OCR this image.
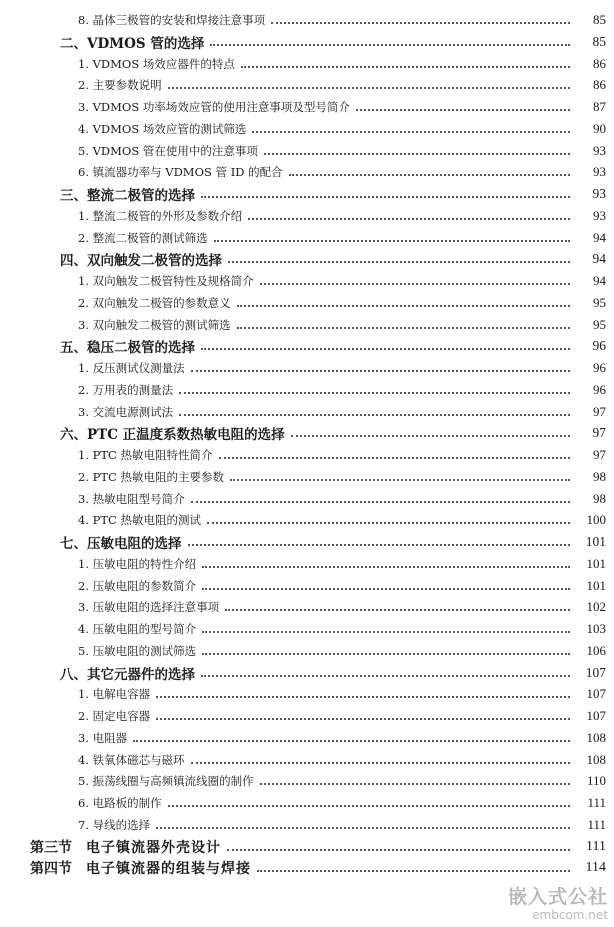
8. 晶体三极管的安装和焊接注意事项	85
二、VDMOS 管的选择	85
1. VDMOS 场效应器件的特点	86
2. 主要参数说明	86
3. VDMOS 功率场效应管的使用注意事项及型号简介	87
4. VDMOS 场效应管的测试筛选	90
5. VDMOS 管在使用中的注意事项	93
6. 镇流器功率与 VDMOS 管 ID 的配合	93
三、整流二极管的选择	93
1. 整流二极管的外形及参数介绍	93
2. 整流二极管的测试筛选	94
四、双向触发二极管的选择	94
1. 双向触发二极管特性及规格简介	94
2. 双向触发二极管的参数意义	95
3. 双向触发二极管的测试筛选	95
五、稳压二极管的选择	96
1. 反压测试仪测量法	96
2. 万用表的测量法	96
3. 交流电源测试法	97
六、PTC 正温度系数热敏电阻的选择	97
1. PTC 热敏电阻特性简介	97
2. PTC 热敏电阻的主要参数	98
3. 热敏电阻型号简介	98
4. PTC 热敏电阻的测试	100
七、压敏电阻的选择	101
1. 压敏电阻的特性介绍	101
2. 压敏电阻的参数简介	101
3. 压敏电阻的选择注意事项	102
4. 压敏电阻的型号简介	103
5. 压敏电阻的测试筛选	106
八、其它元器件的选择	107
1. 电解电容器	107
2. 固定电容器	107
3. 电阻器	108
4. 铁氧体磁芯与磁环	108
5. 振荡线圈与高频镇流线圈的制作	110
6. 电路板的制作	111
7. 导线的选择	111
第三节 电子镇流器外壳设计	111
第四节 电子镇流器的组装与焊接	114
嵌入式公社
embcom.net
